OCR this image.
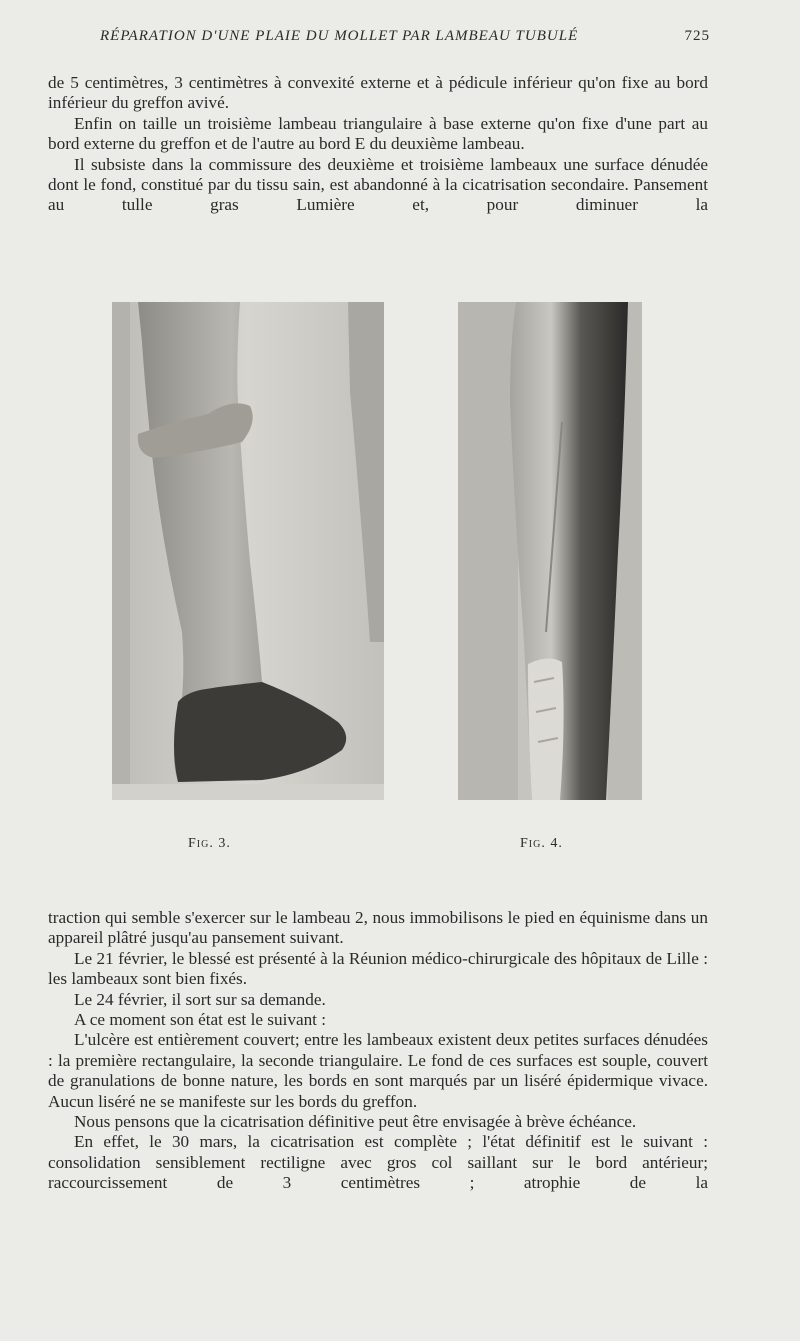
RÉPARATION D'UNE PLAIE DU MOLLET PAR LAMBEAU TUBULÉ	725

de 5 centimètres, 3 centimètres à convexité externe et à pédicule inférieur qu'on fixe au bord inférieur du greffon avivé.

Enfin on taille un troisième lambeau triangulaire à base externe qu'on fixe d'une part au bord externe du greffon et de l'autre au bord E du deuxième lambeau.

Il subsiste dans la commissure des deuxième et troisième lambeaux une surface dénudée dont le fond, constitué par du tissu sain, est abandonné à la cicatrisation secondaire. Pansement au tulle gras Lumière et, pour diminuer la

Fig. 3.	Fig. 4.

traction qui semble s'exercer sur le lambeau 2, nous immobilisons le pied en équinisme dans un appareil plâtré jusqu'au pansement suivant.

Le 21 février, le blessé est présenté à la Réunion médico-chirurgicale des hôpitaux de Lille : les lambeaux sont bien fixés.

Le 24 février, il sort sur sa demande.

A ce moment son état est le suivant :

L'ulcère est entièrement couvert; entre les lambeaux existent deux petites surfaces dénudées : la première rectangulaire, la seconde triangulaire. Le fond de ces surfaces est souple, couvert de granulations de bonne nature, les bords en sont marqués par un liséré épidermique vivace. Aucun liséré ne se manifeste sur les bords du greffon.

Nous pensons que la cicatrisation définitive peut être envisagée à brève échéance.

En effet, le 30 mars, la cicatrisation est complète ; l'état définitif est le suivant : consolidation sensiblement rectiligne avec gros col saillant sur le bord antérieur; raccourcissement de 3 centimètres ; atrophie de la
